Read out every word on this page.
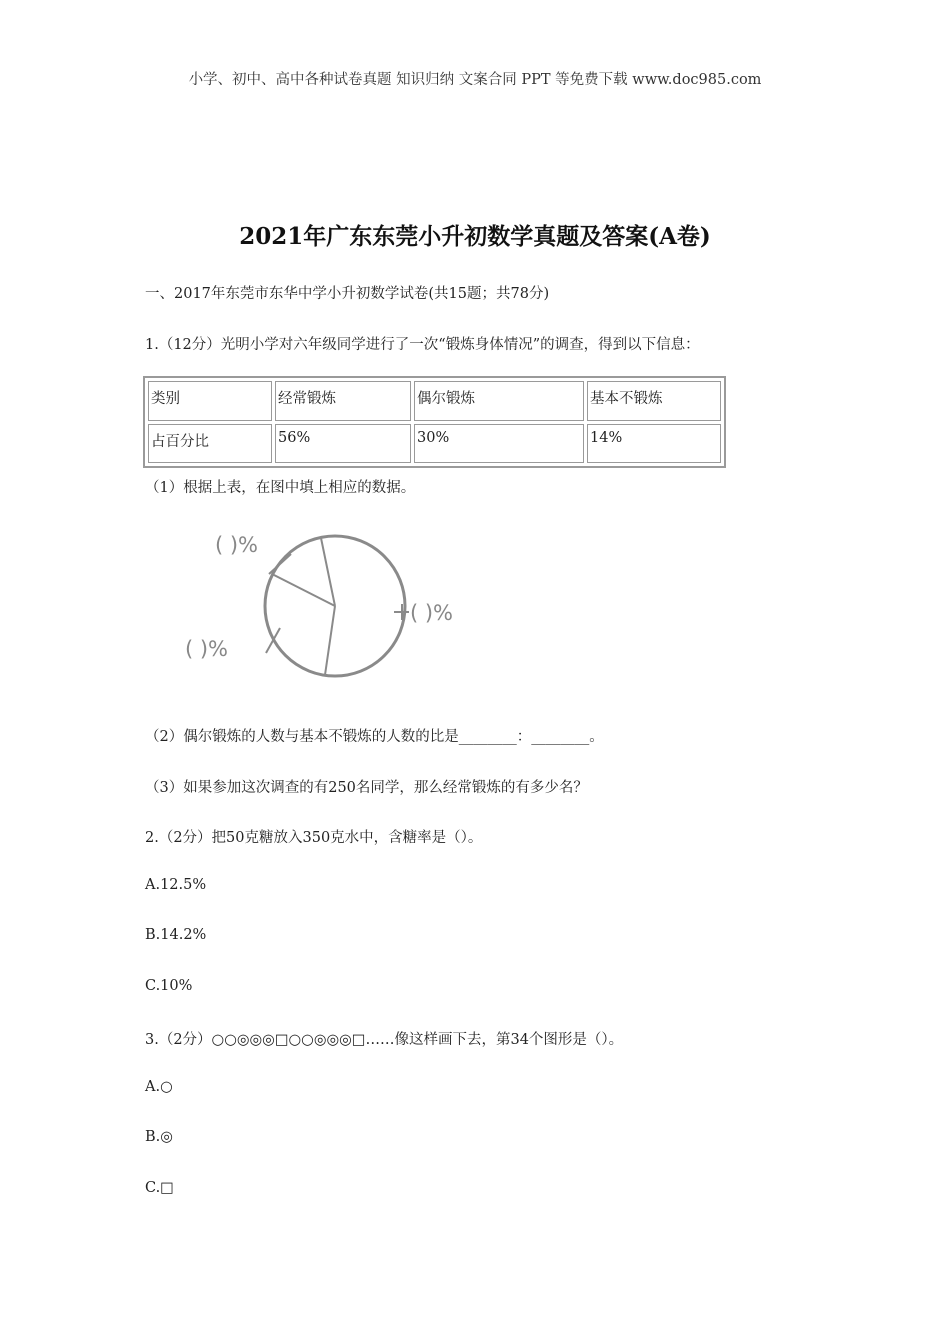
小学、初中、高中各种试卷真题 知识归纳 文案合同 PPT 等免费下载 www.doc985.com
2021年广东东莞小升初数学真题及答案(A卷)
一、2017年东莞市东华中学小升初数学试卷(共15题；共78分)
1.（12分）光明小学对六年级同学进行了一次“锻炼身体情况”的调查，得到以下信息：
类别	经常锻炼	偶尔锻炼	基本不锻炼
占百分比	56%	30%	14%
（1）根据上表，在图中填上相应的数据。
( )%
( )%
( )%
（2）偶尔锻炼的人数与基本不锻炼的人数的比是________：________。
（3）如果参加这次调查的有250名同学，那么经常锻炼的有多少名？
2.（2分）把50克糖放入350克水中，含糖率是（）。
A.12.5%
B.14.2%
C.10%
3.（2分）○○◎◎◎□○○◎◎◎□……像这样画下去，第34个图形是（）。
A.○
B.◎
C.□
